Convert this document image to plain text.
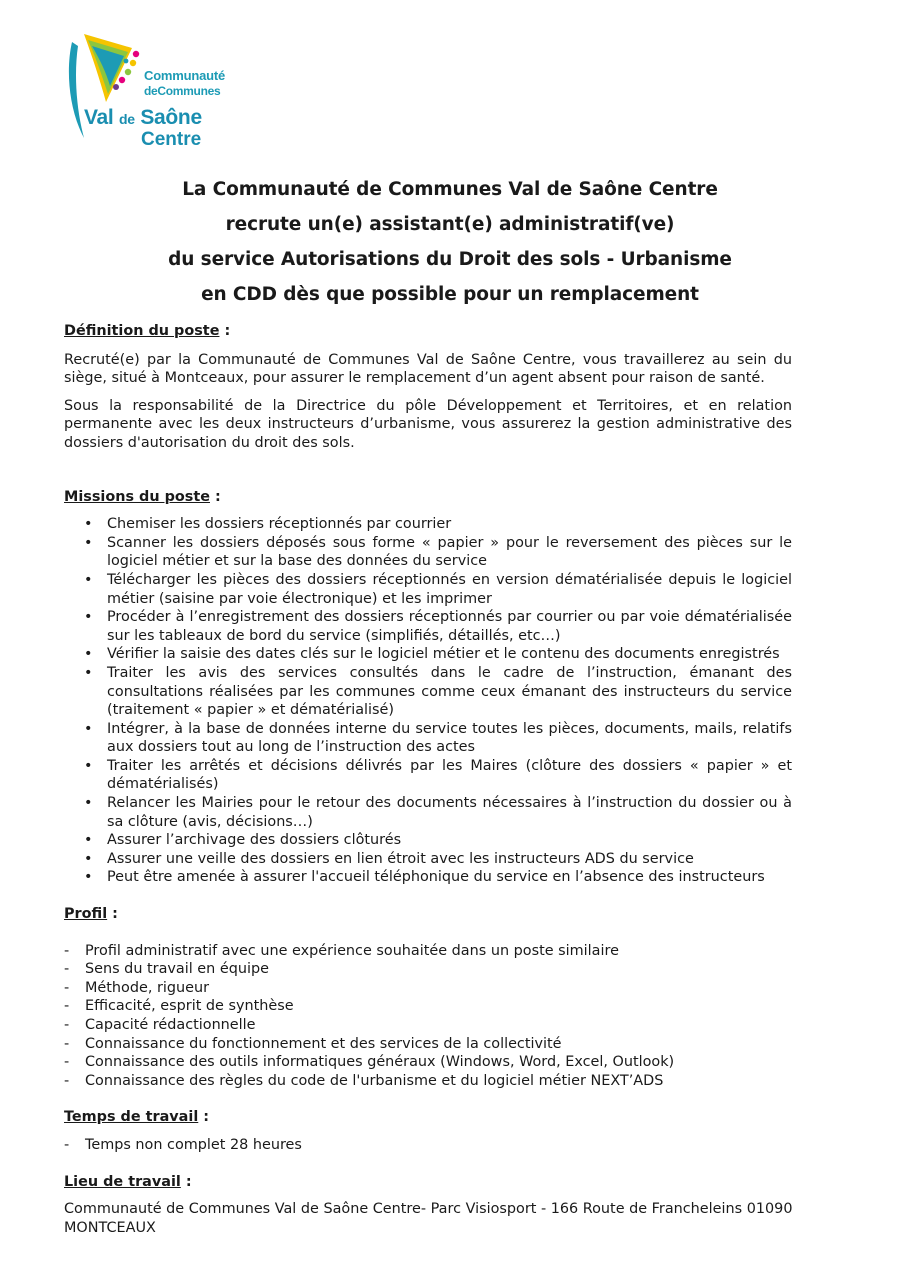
Communauté
deCommunes
Val de Saône
Centre
La Communauté de Communes Val de Saône Centre
recrute un(e) assistant(e) administratif(ve)
du service Autorisations du Droit des sols - Urbanisme
en CDD dès que possible pour un remplacement

Définition du poste :

Recruté(e) par la Communauté de Communes Val de Saône Centre, vous travaillerez au sein du siège, situé à Montceaux, pour assurer le remplacement d’un agent absent pour raison de santé.

Sous la responsabilité de la Directrice du pôle Développement et Territoires, et en relation permanente avec les deux instructeurs d’urbanisme, vous assurerez la gestion administrative des dossiers d'autorisation du droit des sols.

Missions du poste :

• Chemiser les dossiers réceptionnés par courrier
• Scanner les dossiers déposés sous forme « papier » pour le reversement des pièces sur le logiciel métier et sur la base des données du service
• Télécharger les pièces des dossiers réceptionnés en version dématérialisée depuis le logiciel métier (saisine par voie électronique) et les imprimer
• Procéder à l’enregistrement des dossiers réceptionnés par courrier ou par voie dématérialisée sur les tableaux de bord du service (simplifiés, détaillés, etc…)
• Vérifier la saisie des dates clés sur le logiciel métier et le contenu des documents enregistrés
• Traiter les avis des services consultés dans le cadre de l’instruction, émanant des consultations réalisées par les communes comme ceux émanant des instructeurs du service (traitement « papier » et dématérialisé)
• Intégrer, à la base de données interne du service toutes les pièces, documents, mails, relatifs aux dossiers tout au long de l’instruction des actes
• Traiter les arrêtés et décisions délivrés par les Maires (clôture des dossiers « papier » et dématérialisés)
• Relancer les Mairies pour le retour des documents nécessaires à l’instruction du dossier ou à sa clôture (avis, décisions…)
• Assurer l’archivage des dossiers clôturés
• Assurer une veille des dossiers en lien étroit avec les instructeurs ADS du service
• Peut être amenée à assurer l'accueil téléphonique du service en l’absence des instructeurs

Profil :

- Profil administratif avec une expérience souhaitée dans un poste similaire
- Sens du travail en équipe
- Méthode, rigueur
- Efficacité, esprit de synthèse
- Capacité rédactionnelle
- Connaissance du fonctionnement et des services de la collectivité
- Connaissance des outils informatiques généraux (Windows, Word, Excel, Outlook)
- Connaissance des règles du code de l'urbanisme et du logiciel métier NEXT’ADS

Temps de travail :

- Temps non complet 28 heures

Lieu de travail :

Communauté de Communes Val de Saône Centre- Parc Visiosport - 166 Route de Francheleins 01090 MONTCEAUX
